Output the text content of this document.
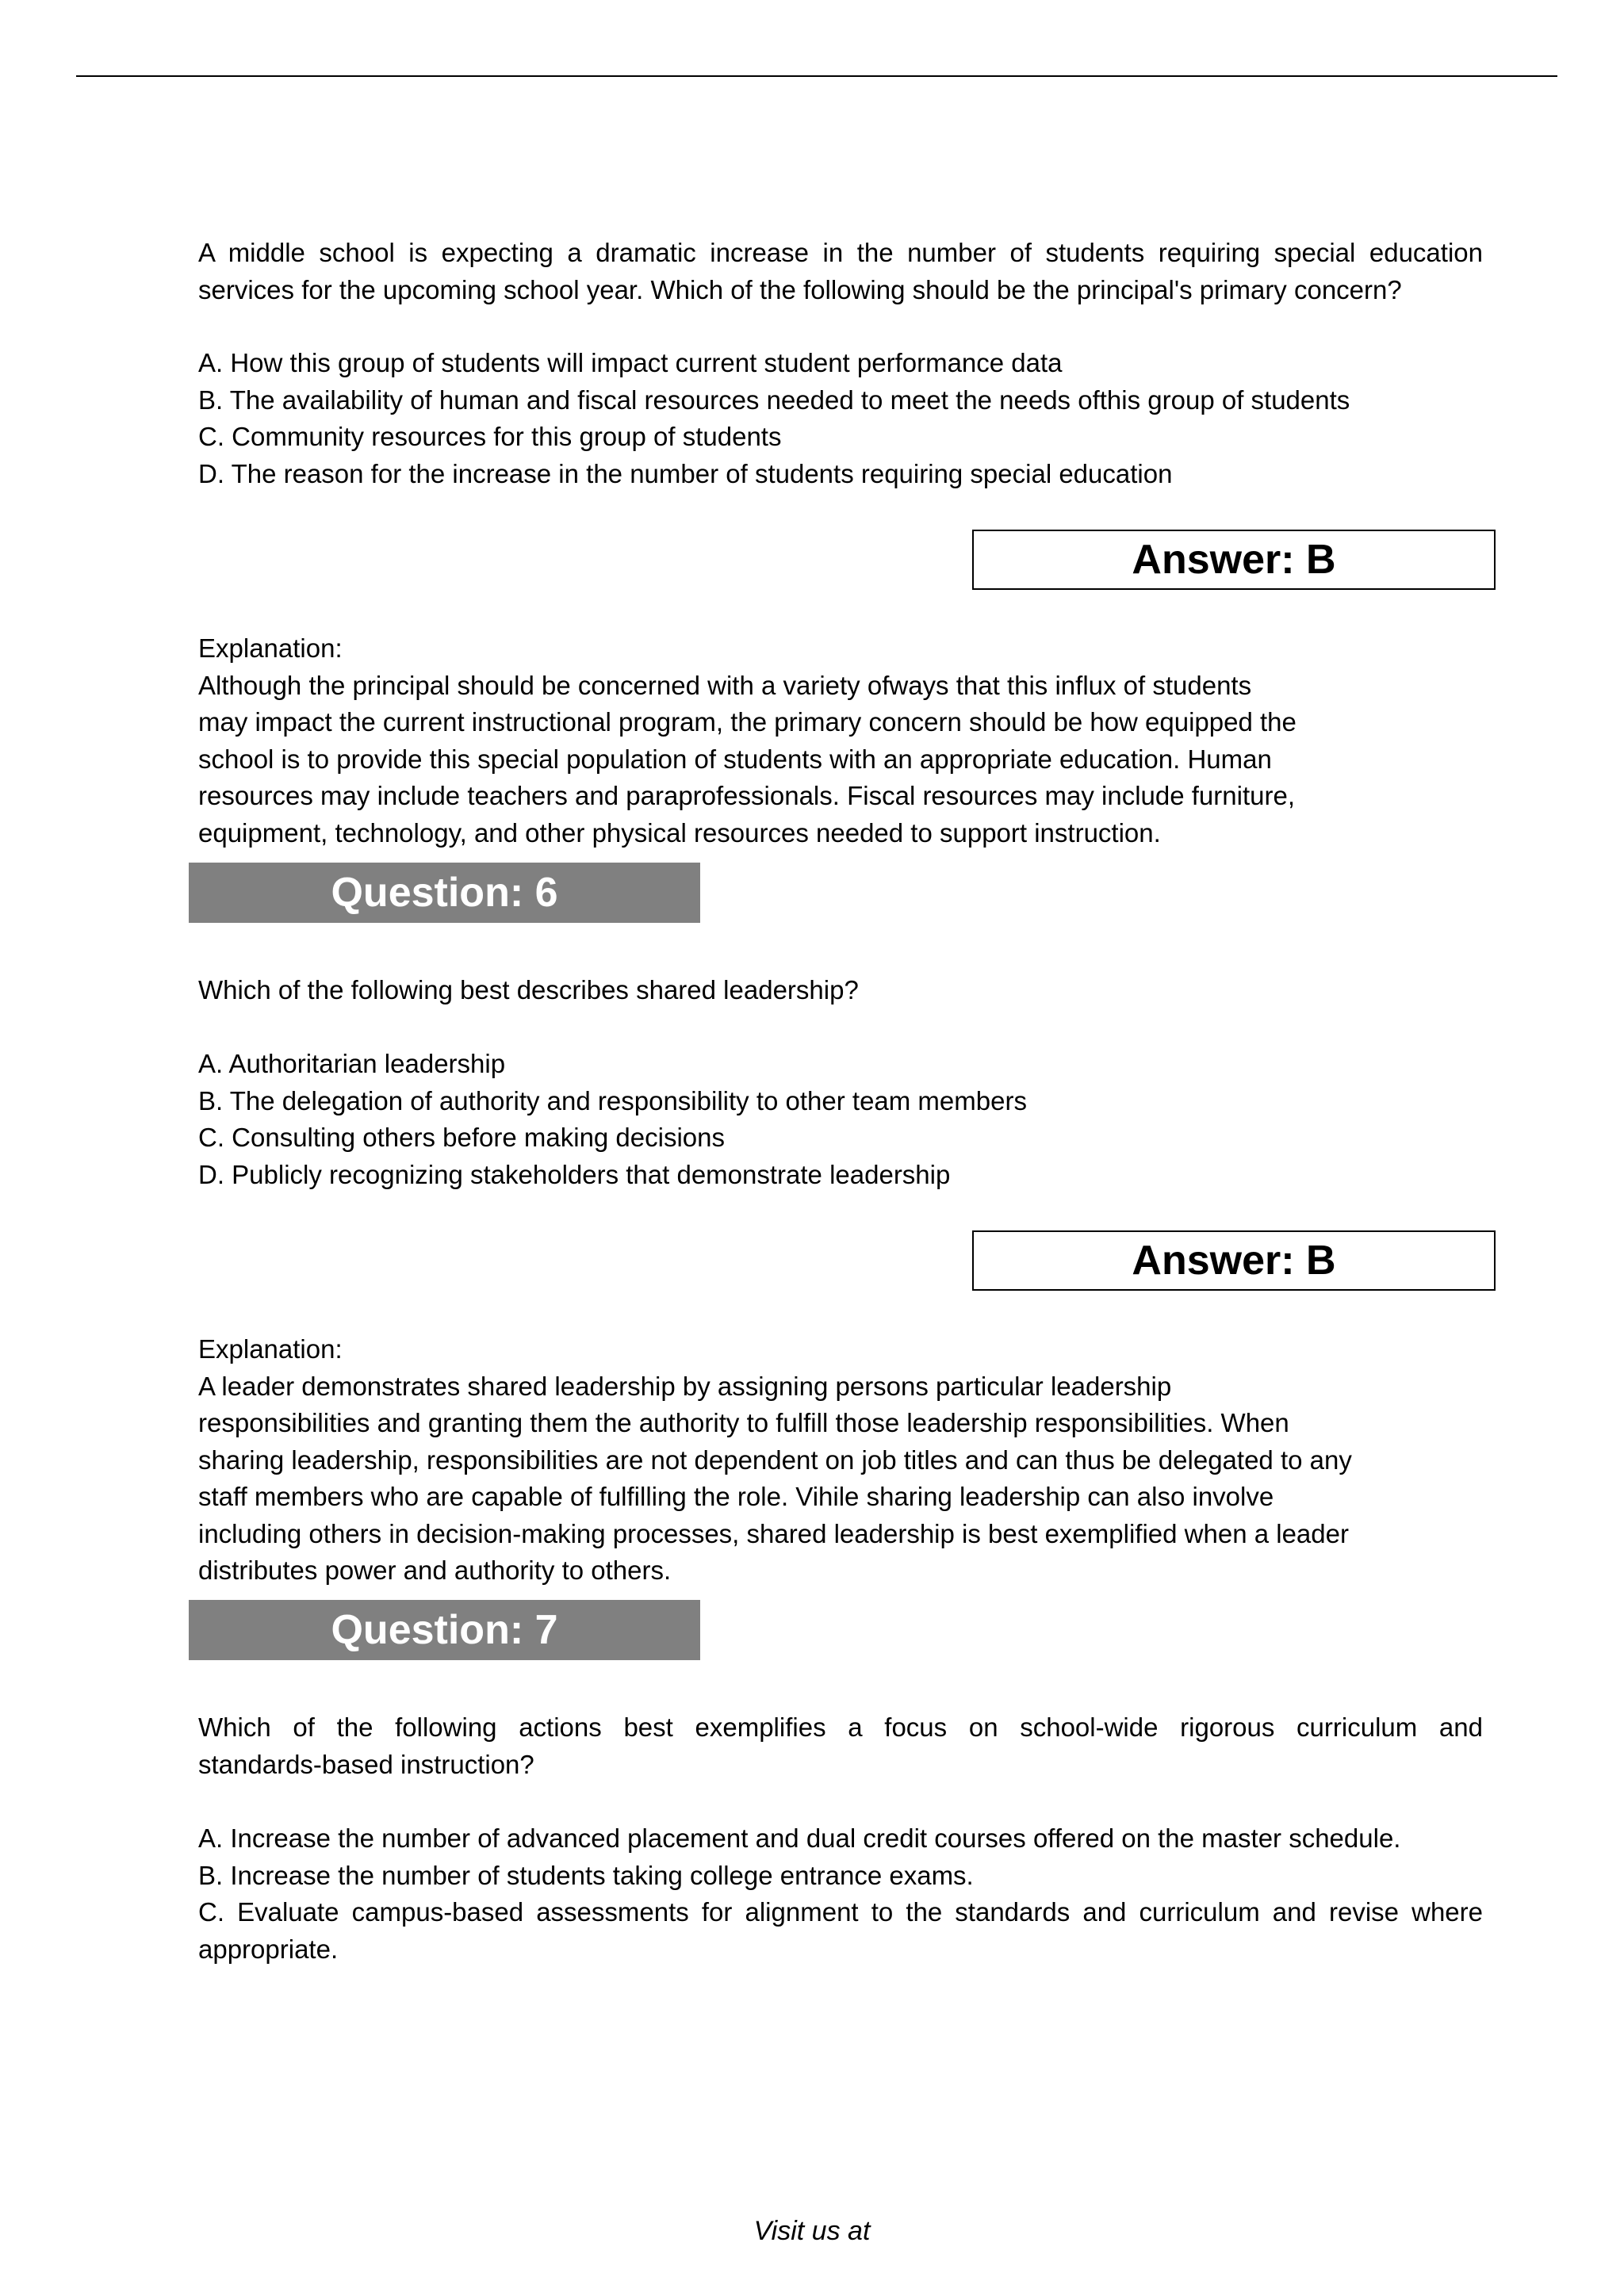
A middle school is expecting a dramatic increase in the number of students requiring special education
services for the upcoming school year. Which of the following should be the principal's primary concern?
A. How this group of students will impact current student performance data
B. The availability of human and fiscal resources needed to meet the needs ofthis group of students
C. Community resources for this group of students
D. The reason for the increase in the number of students requiring special education
Answer: B
Explanation:
Although the principal should be concerned with a variety ofways that this influx of students
may impact the current instructional program, the primary concern should be how equipped the
school is to provide this special population of students with an appropriate education. Human
resources may include teachers and paraprofessionals. Fiscal resources may include furniture,
equipment, technology, and other physical resources needed to support instruction.
Question: 6
Which of the following best describes shared leadership?
A. Authoritarian leadership
B. The delegation of authority and responsibility to other team members
C. Consulting others before making decisions
D. Publicly recognizing stakeholders that demonstrate leadership
Answer: B
Explanation:
A leader demonstrates shared leadership by assigning persons particular leadership
responsibilities and granting them the authority to fulfill those leadership responsibilities. When
sharing leadership, responsibilities are not dependent on job titles and can thus be delegated to any
staff members who are capable of fulfilling the role. Vihile sharing leadership can also involve
including others in decision-making processes, shared leadership is best exemplified when a leader
distributes power and authority to others.
Question: 7
Which of the following actions best exemplifies a focus on school-wide rigorous curriculum and
standards-based instruction?
A. Increase the number of advanced placement and dual credit courses offered on the master schedule.
B. Increase the number of students taking college entrance exams.
C. Evaluate campus-based assessments for alignment to the standards and curriculum and revise where
appropriate.
Visit us at
